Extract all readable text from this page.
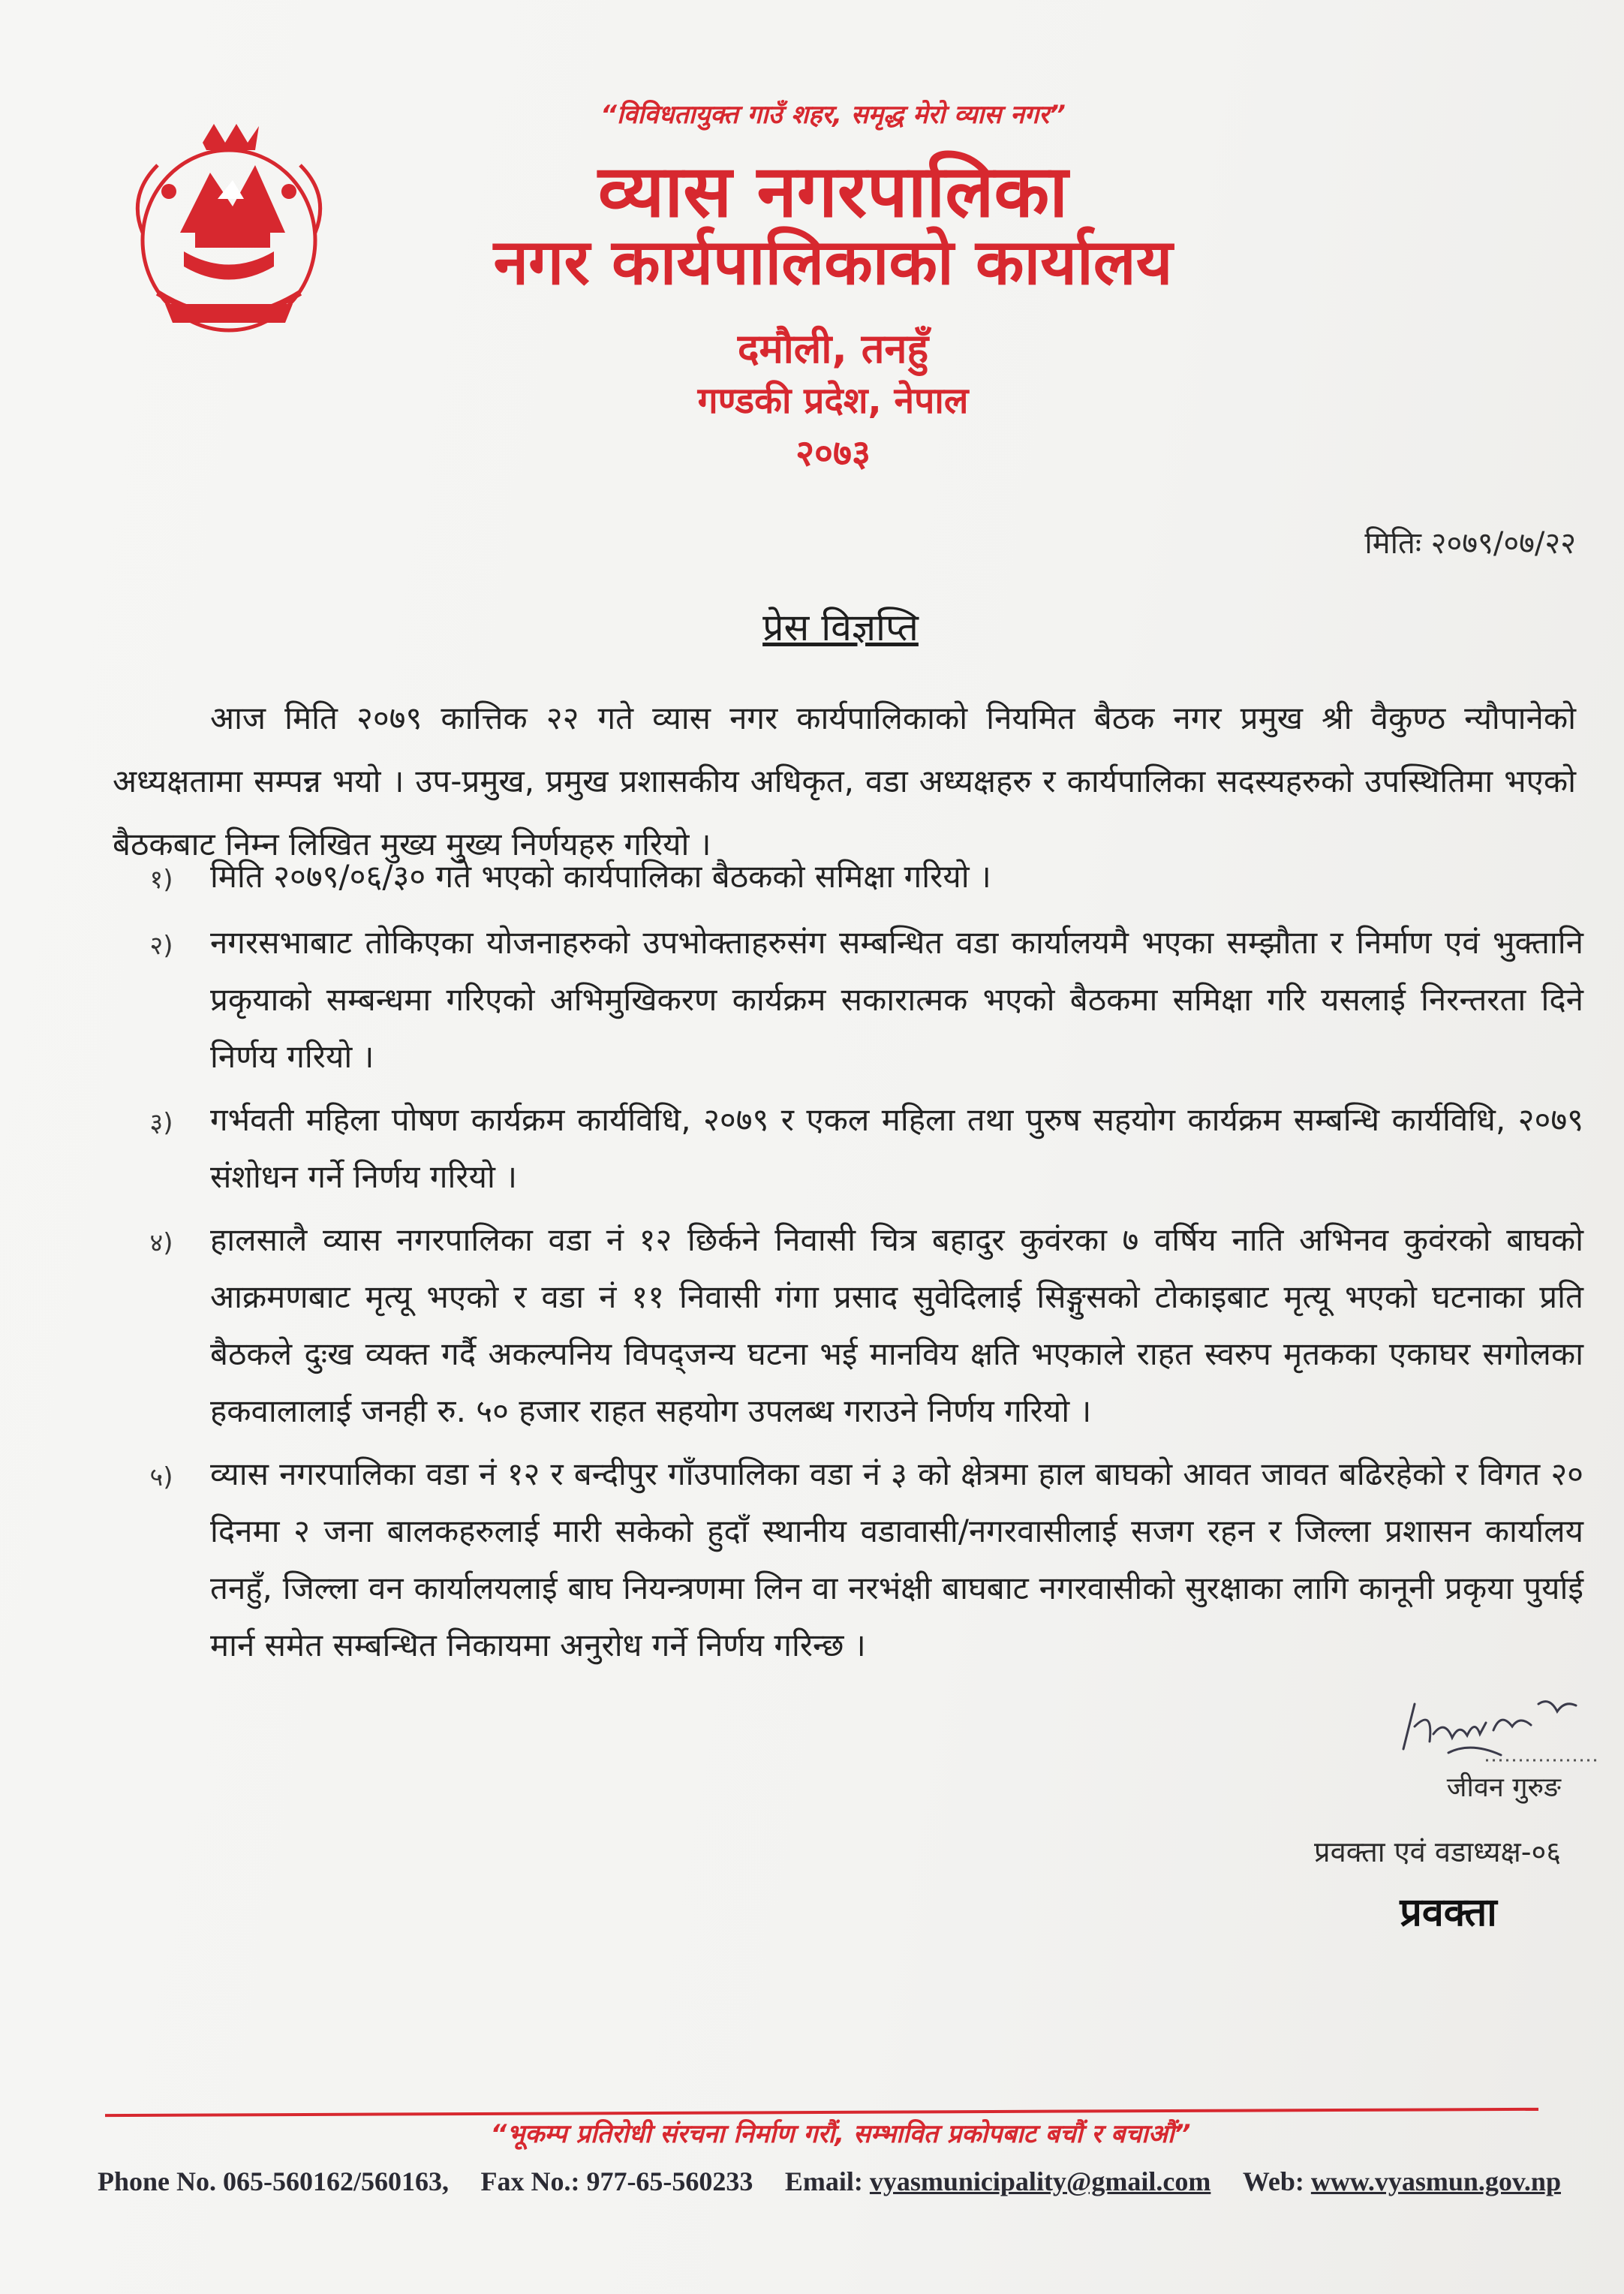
“विविधतायुक्त गाउँ शहर, समृद्ध मेरो व्यास नगर”
व्यास नगरपालिका
नगर कार्यपालिकाको कार्यालय
दमौली, तनहुँ
गण्डकी प्रदेश, नेपाल
२०७३
मितिः २०७९/०७/२२
प्रेस विज्ञप्ति
आज मिति २०७९ कात्तिक २२ गते व्यास नगर कार्यपालिकाको नियमित बैठक नगर प्रमुख श्री वैकुण्ठ न्यौपानेको अध्यक्षतामा सम्पन्न भयो । उप-प्रमुख, प्रमुख प्रशासकीय अधिकृत, वडा अध्यक्षहरु र कार्यपालिका सदस्यहरुको उपस्थितिमा भएको बैठकबाट निम्न लिखित मुख्य मुख्य निर्णयहरु गरियो ।
१)	मिति २०७९/०६/३० गते भएको कार्यपालिका बैठकको समिक्षा गरियो ।
२)	नगरसभाबाट तोकिएका योजनाहरुको उपभोक्ताहरुसंग सम्बन्धित वडा कार्यालयमै भएका सम्झौता र निर्माण एवं भुक्तानि प्रकृयाको सम्बन्धमा गरिएको अभिमुखिकरण कार्यक्रम सकारात्मक भएको बैठकमा समिक्षा गरि यसलाई निरन्तरता दिने निर्णय गरियो ।
३)	गर्भवती महिला पोषण कार्यक्रम कार्यविधि, २०७९ र एकल महिला तथा पुरुष सहयोग कार्यक्रम सम्बन्धि कार्यविधि, २०७९ संशोधन गर्ने निर्णय गरियो ।
४)	हालसालै व्यास नगरपालिका वडा नं १२ छिर्कने निवासी चित्र बहादुर कुवंरका ७ वर्षिय नाति अभिनव कुवंरको बाघको आक्रमणबाट मृत्यू भएको र वडा नं ११ निवासी गंगा प्रसाद सुवेदिलाई सिङ्गुसको टोकाइबाट मृत्यू भएको घटनाका प्रति बैठकले दुःख व्यक्त गर्दै अकल्पनिय विपद्जन्य घटना भई मानविय क्षति भएकाले राहत स्वरुप मृतकका एकाघर सगोलका हकवालालाई जनही रु. ५० हजार राहत सहयोग उपलब्ध गराउने निर्णय गरियो ।
५)	व्यास नगरपालिका वडा नं १२ र बन्दीपुर गाँउपालिका वडा नं ३ को क्षेत्रमा हाल बाघको आवत जावत बढिरहेको र विगत २० दिनमा २ जना बालकहरुलाई मारी सकेको हुदाँ स्थानीय वडावासी/नगरवासीलाई सजग रहन र जिल्ला प्रशासन कार्यालय तनहुँ, जिल्ला वन कार्यालयलाई बाघ नियन्त्रणमा लिन वा नरभंक्षी बाघबाट नगरवासीको सुरक्षाका लागि कानूनी प्रकृया पुर्याई मार्न समेत सम्बन्धित निकायमा अनुरोध गर्ने निर्णय गरिन्छ ।
जीवन गुरुङ
प्रवक्ता एवं वडाध्यक्ष-०६
प्रवक्ता
“भूकम्प प्रतिरोधी संरचना निर्माण गरौं, सम्भावित प्रकोपबाट बचौं र बचाऔं”
Phone No. 065-560162/560163, Fax No.: 977-65-560233 Email: vyasmunicipality@gmail.com Web: www.vyasmun.gov.np
